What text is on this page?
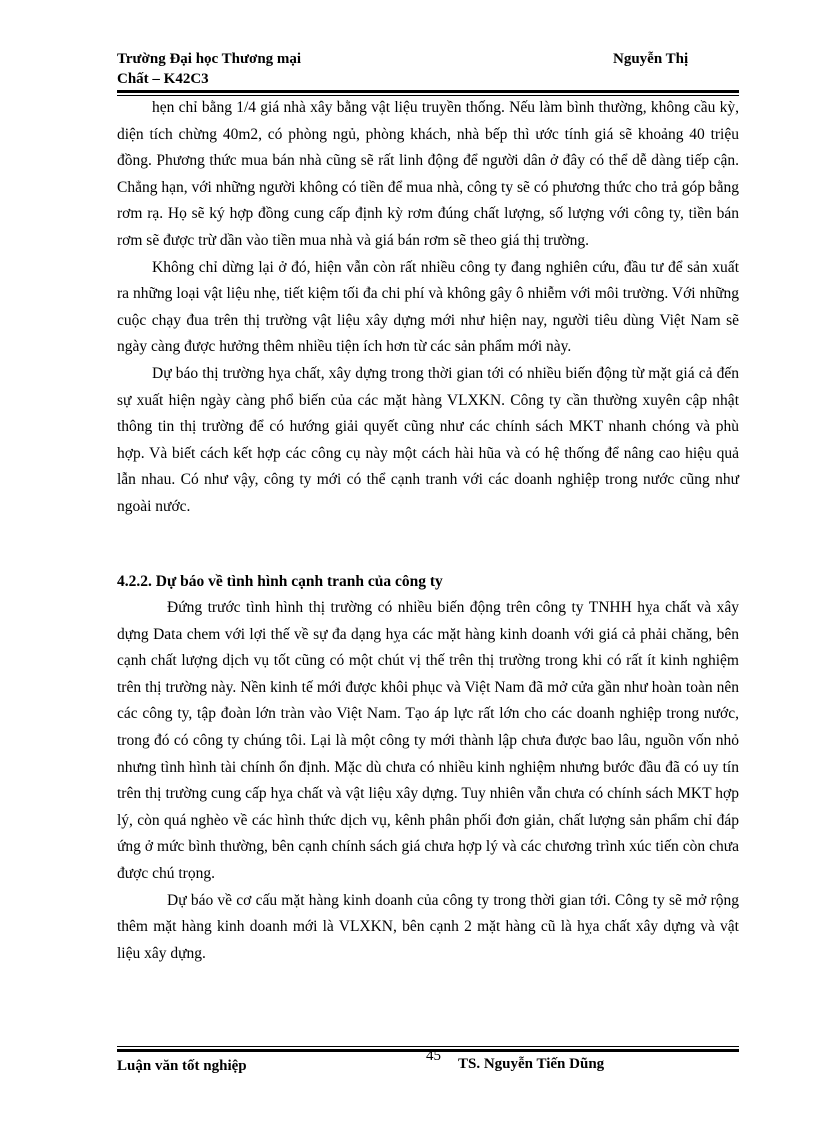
Trường Đại học Thương mại	Nguyễn Thị
Chất – K42C3

hẹn chỉ bằng 1/4 giá nhà xây bằng vật liệu truyền thống. Nếu làm bình thường, không cầu kỳ, diện tích chừng 40m2, có phòng ngủ, phòng khách, nhà bếp thì ước tính giá sẽ khoảng 40 triệu đồng. Phương thức mua bán nhà cũng sẽ rất linh động để người dân ở đây có thể dễ dàng tiếp cận. Chẳng hạn, với những người không có tiền để mua nhà, công ty sẽ có phương thức cho trả góp bằng rơm rạ. Họ sẽ ký hợp đồng cung cấp định kỳ rơm đúng chất lượng, số lượng với công ty, tiền bán rơm sẽ được trừ dần vào tiền mua nhà và giá bán rơm sẽ theo giá thị trường.

Không chỉ dừng lại ở đó, hiện vẫn còn rất nhiều công ty đang nghiên cứu, đầu tư để sản xuất ra những loại vật liệu nhẹ, tiết kiệm tối đa chi phí và không gây ô nhiễm với môi trường. Với những cuộc chạy đua trên thị trường vật liệu xây dựng mới như hiện nay, người tiêu dùng Việt Nam sẽ ngày càng được hưởng thêm nhiều tiện ích hơn từ các sản phẩm mới này.

Dự báo thị trường hỵa chất, xây dựng trong thời gian tới có nhiều biến động từ mặt giá cả đến sự xuất hiện ngày càng phổ biến của các mặt hàng VLXKN. Công ty cần thường xuyên cập nhật thông tin thị trường để có hướng giải quyết cũng như các chính sách MKT nhanh chóng và phù hợp. Và biết cách kết hợp các công cụ này một cách hài hũa và có hệ thống để nâng cao hiệu quả lẫn nhau. Có như vậy, công ty mới có thể cạnh tranh với các doanh nghiệp trong nước cũng như ngoài nước.

4.2.2. Dự báo về tình hình cạnh tranh của công ty

Đứng trước tình hình thị trường có nhiều biến động trên công ty TNHH hỵa chất và xây dựng Data chem với lợi thế về sự đa dạng hỵa các mặt hàng kinh doanh với giá cả phải chăng, bên cạnh chất lượng dịch vụ tốt cũng có một chút vị thế trên thị trường trong khi có rất ít kinh nghiệm trên thị trường này. Nền kinh tế mới được khôi phục và Việt Nam đã mở cửa gần như hoàn toàn nên các công ty, tập đoàn lớn tràn vào Việt Nam. Tạo áp lực rất lớn cho các doanh nghiệp trong nước, trong đó có công ty chúng tôi. Lại là một công ty mới thành lập chưa được bao lâu, nguồn vốn nhỏ nhưng tình hình tài chính ổn định. Mặc dù chưa có nhiều kinh nghiệm nhưng bước đầu đã có uy tín trên thị trường cung cấp hỵa chất và vật liệu xây dựng. Tuy nhiên vẫn chưa có chính sách MKT hợp lý, còn quá nghèo về các hình thức dịch vụ, kênh phân phối đơn giản, chất lượng sản phẩm chỉ đáp ứng ở mức bình thường, bên cạnh chính sách giá chưa hợp lý và các chương trình xúc tiến còn chưa được chú trọng.

Dự báo về cơ cấu mặt hàng kinh doanh của công ty trong thời gian tới. Công ty sẽ mở rộng thêm mặt hàng kinh doanh mới là VLXKN, bên cạnh 2 mặt hàng cũ là hỵa chất xây dựng và vật liệu xây dựng.

Luận văn tốt nghiệp
45 TS. Nguyễn Tiến Dũng
